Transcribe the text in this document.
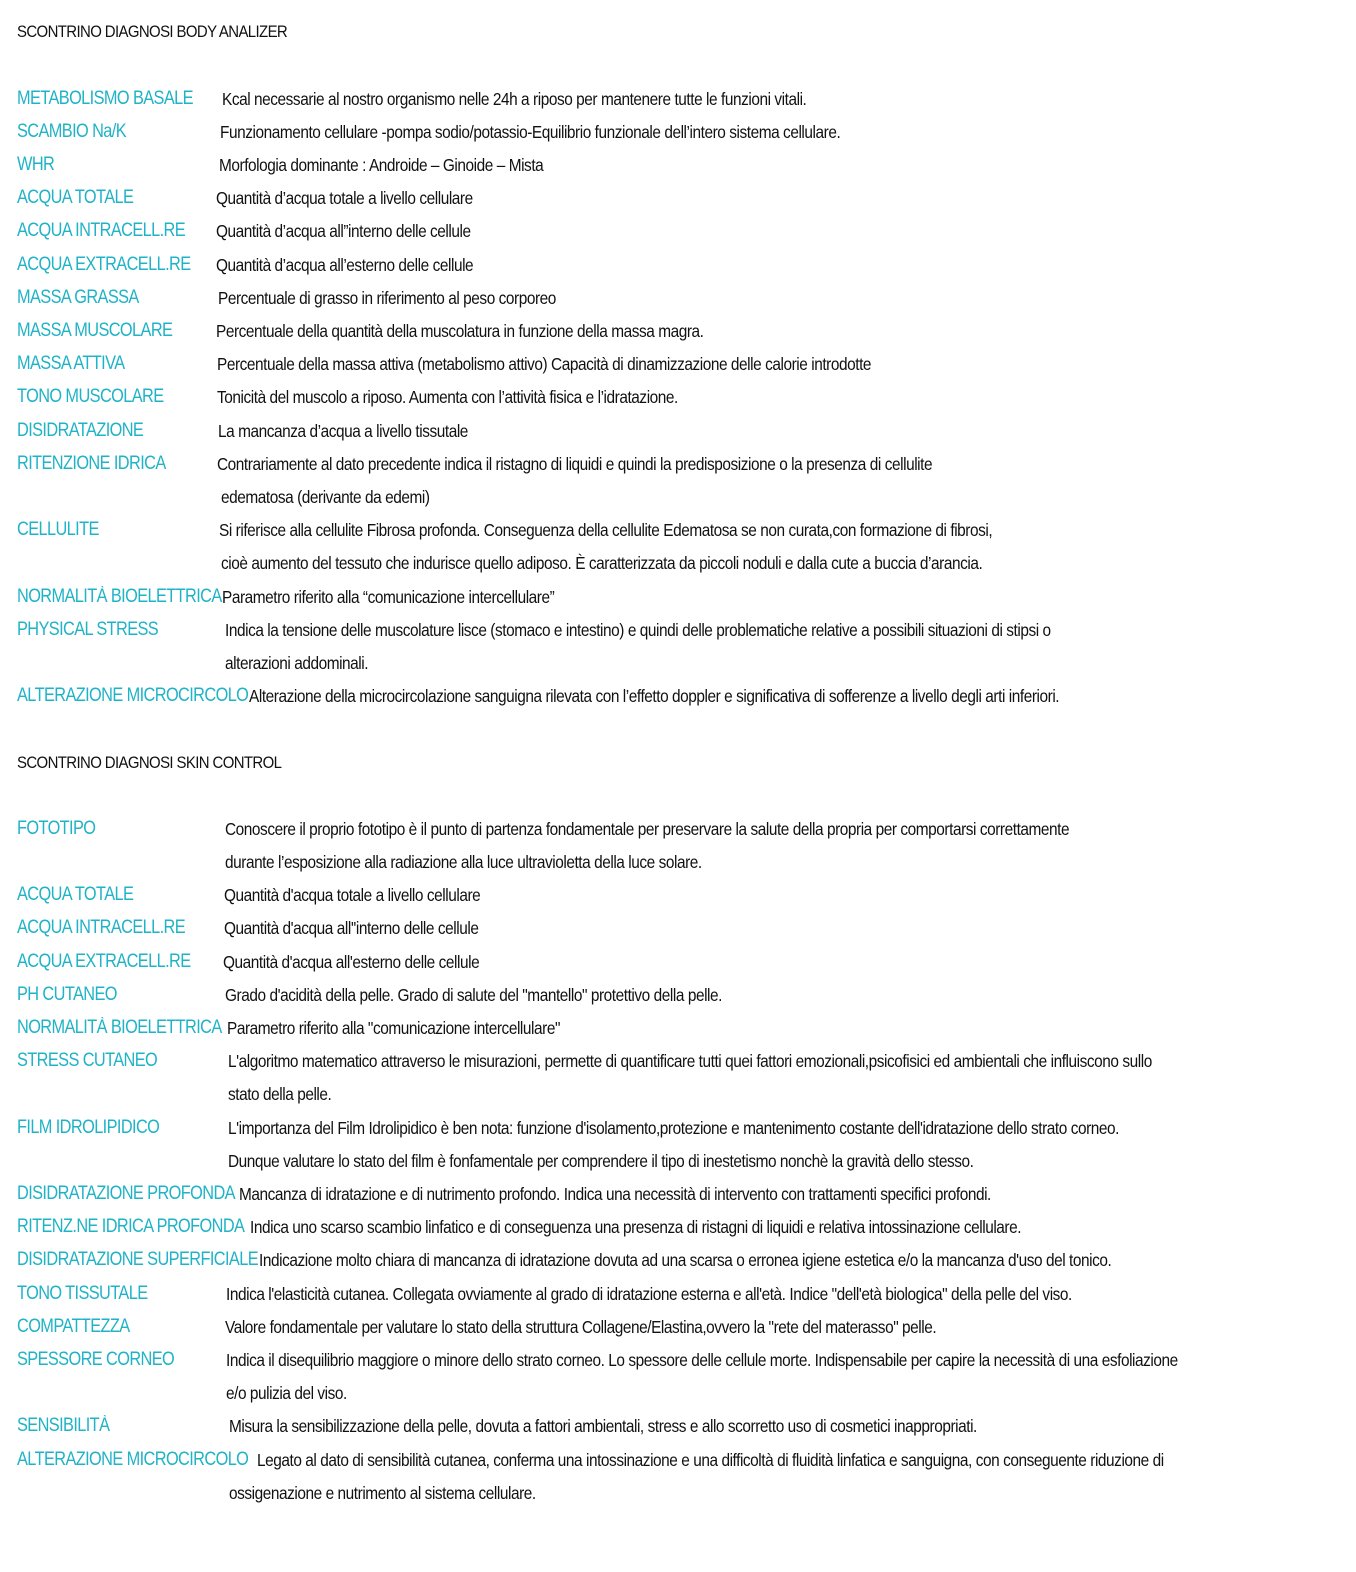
SCONTRINO DIAGNOSI BODY ANALIZER
METABOLISMO BASALE Kcal necessarie al nostro organismo nelle 24h a riposo per mantenere tutte le funzioni vitali.
SCAMBIO Na/K	Funzionamento cellulare -pompa sodio/potassio-Equilibrio funzionale dell’intero sistema cellulare.
WHR	Morfologia dominante : Androide – Ginoide – Mista
ACQUA TOTALE	Quantità d’acqua totale a livello cellulare
ACQUA INTRACELL.RE Quantità d’acqua all”interno delle cellule
ACQUA EXTRACELL.RE Quantità d’acqua all’esterno delle cellule
MASSA GRASSA	Percentuale di grasso in riferimento al peso corporeo
MASSA MUSCOLARE Percentuale della quantità della muscolatura in funzione della massa magra.
MASSA ATTIVA	Percentuale della massa attiva (metabolismo attivo) Capacità di dinamizzazione delle calorie introdotte
TONO MUSCOLARE	Tonicità del muscolo a riposo. Aumenta con l’attività fisica e l’idratazione.
DISIDRATAZIONE	La mancanza d’acqua a livello tissutale
RITENZIONE IDRICA	Contrariamente al dato precedente indica il ristagno di liquidi e quindi la predisposizione o la presenza di cellulite
edematosa (derivante da edemi)
CELLULITE	Si riferisce alla cellulite Fibrosa profonda. Conseguenza della cellulite Edematosa se non curata,con formazione di fibrosi,
cioè aumento del tessuto che indurisce quello adiposo. È caratterizzata da piccoli noduli e dalla cute a buccia d’arancia.
NORMALITÀ BIOELETTRICA Parametro riferito alla “comunicazione intercellulare”
PHYSICAL STRESS	Indica la tensione delle muscolature lisce (stomaco e intestino) e quindi delle problematiche relative a possibili situazioni di stipsi o
alterazioni addominali.
ALTERAZIONE MICROCIRCOLO Alterazione della microcircolazione sanguigna rilevata con l’effetto doppler e significativa di sofferenze a livello degli arti inferiori.
SCONTRINO DIAGNOSI SKIN CONTROL
FOTOTIPO	Conoscere il proprio fototipo è il punto di partenza fondamentale per preservare la salute della propria per comportarsi correttamente
durante l’esposizione alla radiazione alla luce ultravioletta della luce solare.
ACQUA TOTALE	Quantità d'acqua totale a livello cellulare
ACQUA INTRACELL.RE Quantità d'acqua all''interno delle cellule
ACQUA EXTRACELL.RE Quantità d'acqua all'esterno delle cellule
PH CUTANEO	Grado d'acidità della pelle. Grado di salute del "mantello" protettivo della pelle.
NORMALITÀ BIOELETTRICA Parametro riferito alla "comunicazione intercellulare"
STRESS CUTANEO	L'algoritmo matematico attraverso le misurazioni, permette di quantificare tutti quei fattori emozionali,psicofisici ed ambientali che influiscono sullo
stato della pelle.
FILM IDROLIPIDICO	L'importanza del Film Idrolipidico è ben nota: funzione d'isolamento,protezione e mantenimento costante dell'idratazione dello strato corneo.
Dunque valutare lo stato del film è fonfamentale per comprendere il tipo di inestetismo nonchè la gravità dello stesso.
DISIDRATAZIONE PROFONDA Mancanza di idratazione e di nutrimento profondo. Indica una necessità di intervento con trattamenti specifici profondi.
RITENZ.NE IDRICA PROFONDA Indica uno scarso scambio linfatico e di conseguenza una presenza di ristagni di liquidi e relativa intossinazione cellulare.
DISIDRATAZIONE SUPERFICIALE Indicazione molto chiara di mancanza di idratazione dovuta ad una scarsa o erronea igiene estetica e/o la mancanza d'uso del tonico.
TONO TISSUTALE	Indica l'elasticità cutanea. Collegata ovviamente al grado di idratazione esterna e all'età. Indice "dell'età biologica" della pelle del viso.
COMPATTEZZA	Valore fondamentale per valutare lo stato della struttura Collagene/Elastina,ovvero la "rete del materasso" pelle.
SPESSORE CORNEO	Indica il disequilibrio maggiore o minore dello strato corneo. Lo spessore delle cellule morte. Indispensabile per capire la necessità di una esfoliazione
e/o pulizia del viso.
SENSIBILITÀ	Misura la sensibilizzazione della pelle, dovuta a fattori ambientali, stress e allo scorretto uso di cosmetici inappropriati.
ALTERAZIONE MICROCIRCOLO Legato al dato di sensibilità cutanea, conferma una intossinazione e una difficoltà di fluidità linfatica e sanguigna, con conseguente riduzione di
ossigenazione e nutrimento al sistema cellulare.
